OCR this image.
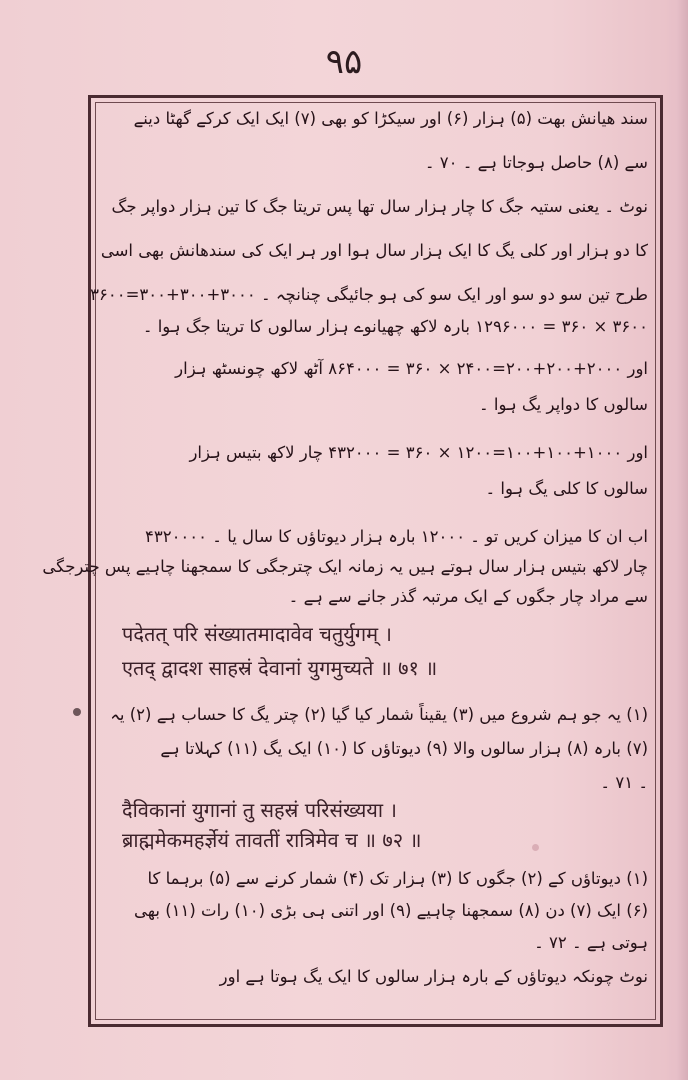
۹۵
سند هيانش بهت (۵) ہزار (۶) اور سیکڑا کو بھی (۷) ایک ایک کرکے گھٹا دینے
سے (۸) حاصل ہوجاتا ہے ۔ ۷۰ ۔
نوٹ ۔ یعنی ستیہ جگ کا چار ہزار سال تھا پس تریتا جگ کا تین ہزار دواپر جگ
کا دو ہزار اور کلی یگ کا ایک ہزار سال ہوا اور ہر ایک کی سندھانش بھی اسی
طرح تین سو دو سو اور ایک سو کی ہو جائیگی چنانچہ ۔ ۳۰۰۰+۳۰۰+۳۰۰=۳۶۰۰
۳۶۰۰ × ۳۶۰ = ۱۲۹۶۰۰۰ بارہ لاکھ چھیانوے ہزار سالوں کا تریتا جگ ہوا ۔
اور ۲۰۰۰+۲۰۰+۲۰۰=۲۴۰۰ × ۳۶۰ = ۸۶۴۰۰۰ آٹھ لاکھ چونسٹھ ہزار
سالوں کا دواپر یگ ہوا ۔
اور ۱۰۰۰+۱۰۰+۱۰۰=۱۲۰۰ × ۳۶۰ = ۴۳۲۰۰۰ چار لاکھ بتیس ہزار
سالوں کا کلی یگ ہوا ۔
اب ان کا میزان کریں تو ۔ ۱۲۰۰۰ بارہ ہزار دیوتاؤں کا سال یا ۔ ۴۳۲۰۰۰۰
چار لاکھ بتیس ہزار سال ہوتے ہیں یہ زمانہ ایک چترجگی کا سمجھنا چاہیے پس چترجگی
سے مراد چار جگوں کے ایک مرتبہ گذر جانے سے ہے ۔
पदेतत् परि संख्यातमादावेव चतुर्युगम् ।
एतद् द्वादश साहस्रं देवानां युगमुच्यते ॥ ७१ ॥
(۱) یہ جو ہم شروع میں (۳) یقیناً شمار کیا گیا (۲) چتر یگ کا حساب ہے (۲) یہ
(۷) بارہ (۸) ہزار سالوں والا (۹) دیوتاؤں کا (۱۰) ایک یگ (۱۱) کہلاتا ہے
۔ ۷۱ ۔
दैविकानां युगानां तु सहस्रं परिसंख्यया ।
ब्राह्ममेकमहर्ज्ञेयं तावतीं रात्रिमेव च ॥ ७२ ॥
(۱) دیوتاؤں کے (۲) جگوں کا (۳) ہزار تک (۴) شمار کرنے سے (۵) برہما کا
(۶) ایک (۷) دن (۸) سمجھنا چاہیے (۹) اور اتنی ہی بڑی (۱۰) رات (۱۱) بھی
ہوتی ہے ۔ ۷۲ ۔
نوٹ چونکہ دیوتاؤں کے بارہ ہزار سالوں کا ایک یگ ہوتا ہے اور
